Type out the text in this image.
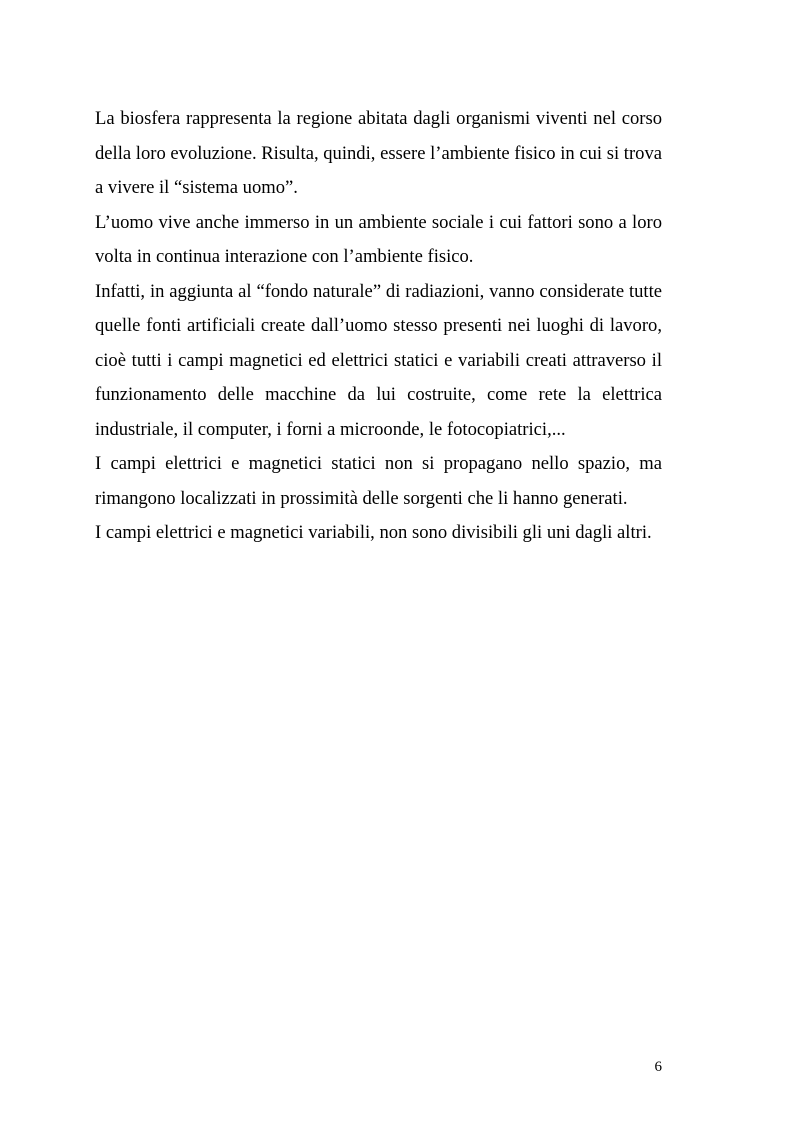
La biosfera rappresenta la regione abitata dagli organismi viventi nel corso della loro evoluzione. Risulta, quindi, essere l’ambiente fisico in cui si trova a vivere il “sistema uomo”.

L’uomo vive anche immerso in un ambiente sociale i cui fattori sono a loro volta in continua interazione con l’ambiente fisico.

Infatti, in aggiunta al “fondo naturale” di radiazioni, vanno considerate tutte quelle fonti artificiali create dall’uomo stesso presenti nei luoghi di lavoro, cioè tutti i campi magnetici ed elettrici statici e variabili creati attraverso il funzionamento delle macchine da lui costruite, come rete la elettrica industriale, il computer, i forni a microonde, le fotocopiatrici,...

I campi elettrici e magnetici statici non si propagano nello spazio, ma rimangono localizzati in prossimità delle sorgenti che li hanno generati.

I campi elettrici e magnetici variabili, non sono divisibili gli uni dagli altri.

6
